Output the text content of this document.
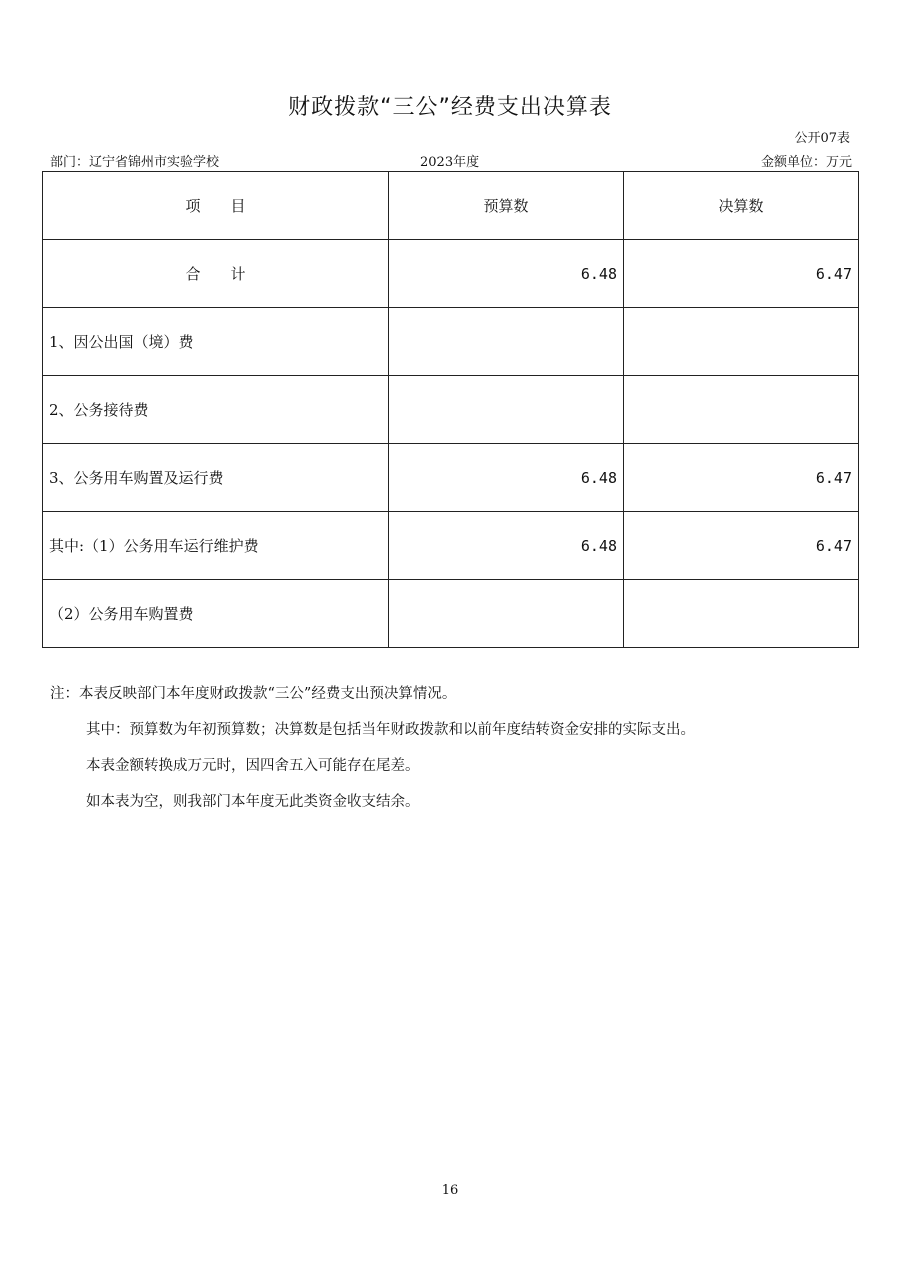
财政拨款“三公”经费支出决算表
公开07表
部门：辽宁省锦州市实验学校	2023年度	金额单位：万元
项　　目	预算数	决算数
合　　计	6.48	6.47
1、因公出国（境）费		
2、公务接待费		
3、公务用车购置及运行费	6.48	6.47
其中:（1）公务用车运行维护费	6.48	6.47
（2）公务用车购置费		
注：本表反映部门本年度财政拨款“三公”经费支出预决算情况。
其中：预算数为年初预算数；决算数是包括当年财政拨款和以前年度结转资金安排的实际支出。
本表金额转换成万元时，因四舍五入可能存在尾差。
如本表为空，则我部门本年度无此类资金收支结余。
16
